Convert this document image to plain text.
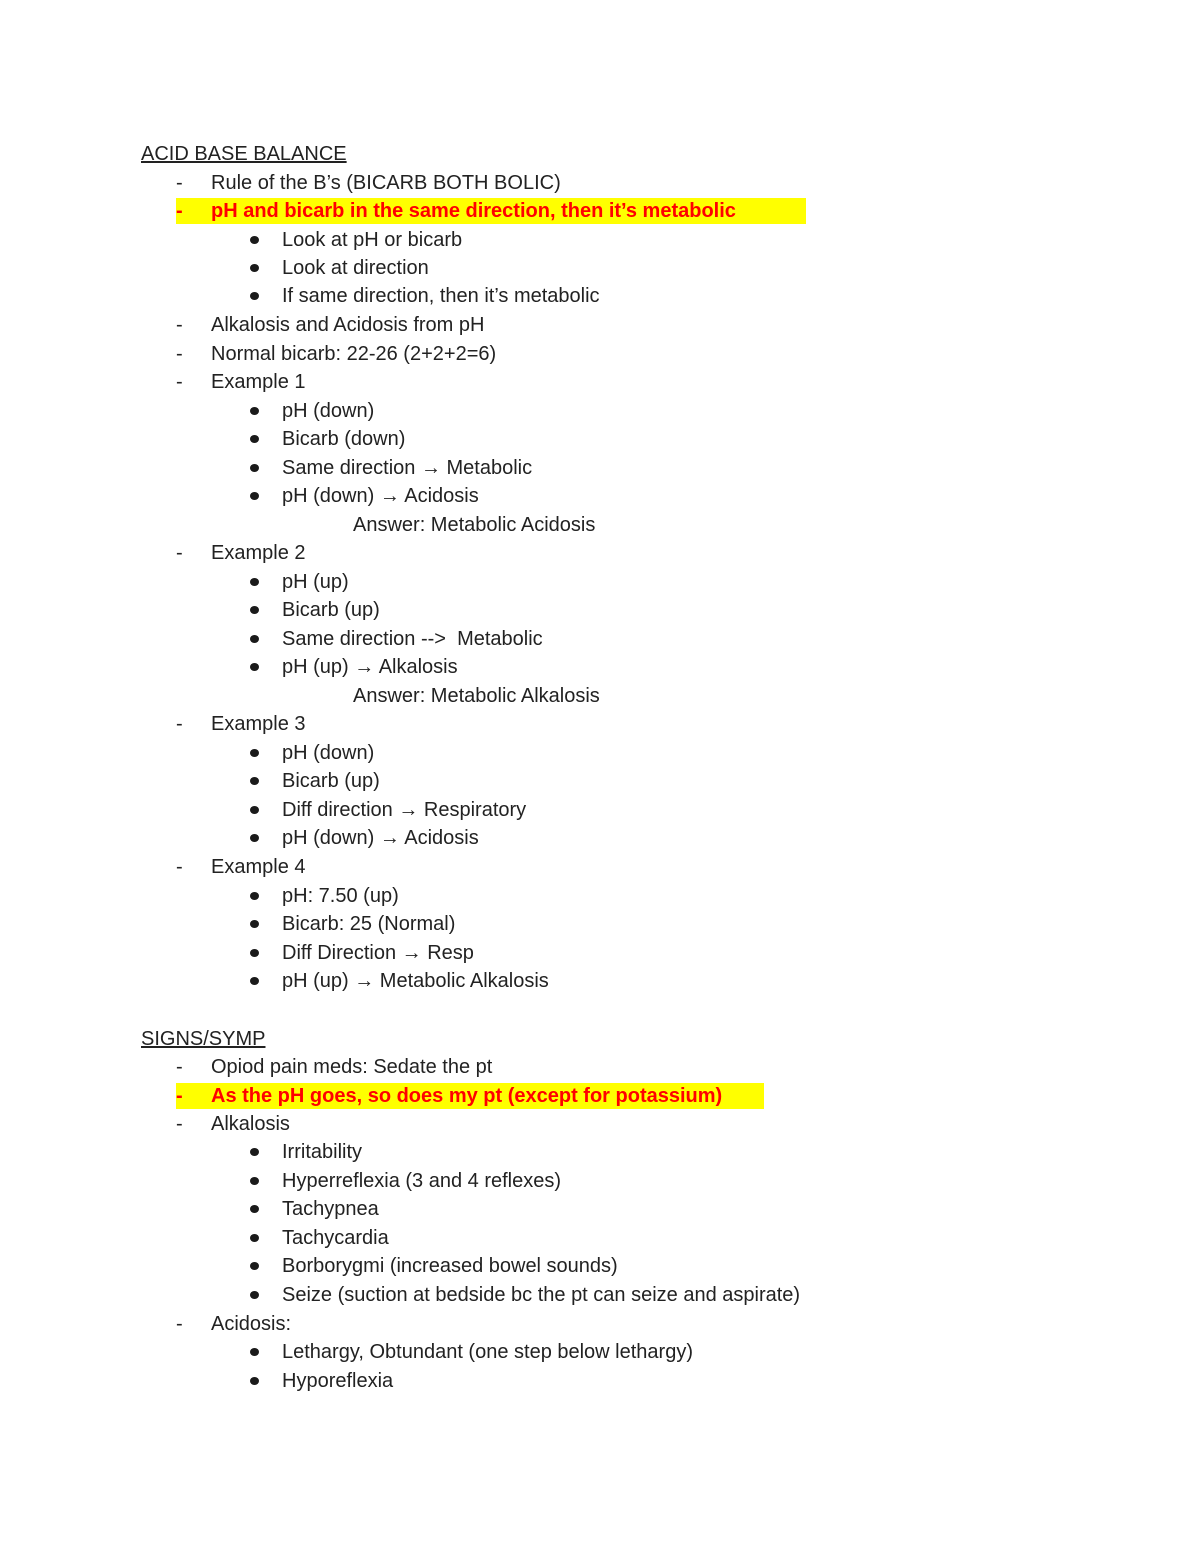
ACID BASE BALANCE
- Rule of the B’s (BICARB BOTH BOLIC)
- pH and bicarb in the same direction, then it’s metabolic
Look at pH or bicarb
Look at direction
If same direction, then it’s metabolic
- Alkalosis and Acidosis from pH
- Normal bicarb: 22-26 (2+2+2=6)
- Example 1
pH (down)
Bicarb (down)
Same direction → Metabolic
pH (down) → Acidosis
Answer: Metabolic Acidosis
- Example 2
pH (up)
Bicarb (up)
Same direction -->  Metabolic
pH (up) → Alkalosis
Answer: Metabolic Alkalosis
- Example 3
pH (down)
Bicarb (up)
Diff direction → Respiratory
pH (down) → Acidosis
- Example 4
pH: 7.50 (up)
Bicarb: 25 (Normal)
Diff Direction → Resp
pH (up) → Metabolic Alkalosis
SIGNS/SYMP
- Opiod pain meds: Sedate the pt
- As the pH goes, so does my pt (except for potassium)
- Alkalosis
Irritability
Hyperreflexia (3 and 4 reflexes)
Tachypnea
Tachycardia
Borborygmi (increased bowel sounds)
Seize (suction at bedside bc the pt can seize and aspirate)
- Acidosis:
Lethargy, Obtundant (one step below lethargy)
Hyporeflexia
